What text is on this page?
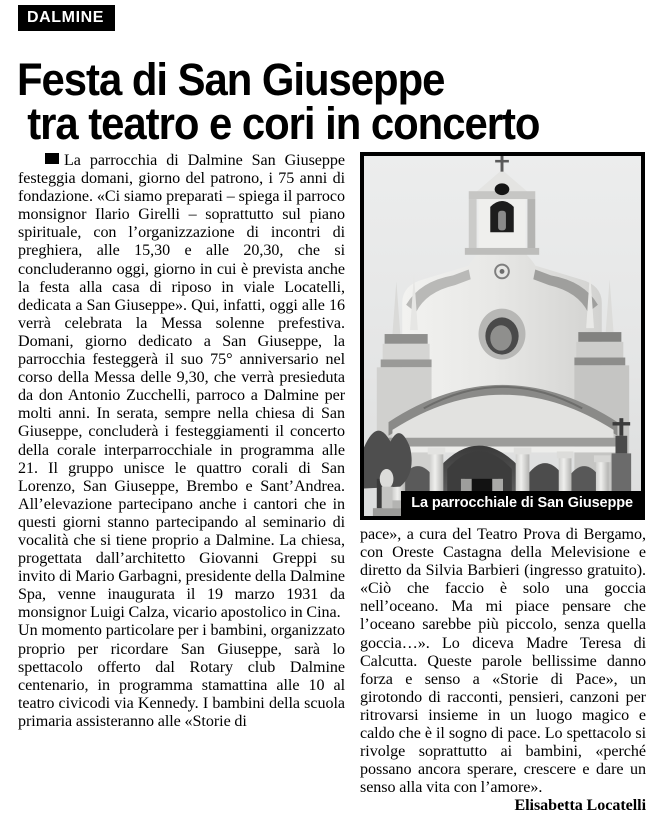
DALMINE
Festa di San Giuseppe
tra teatro e cori in concerto
La parrocchiale di San Giuseppe

La parrocchia di Dalmine San Giuseppe festeggia domani, giorno del patrono, i 75 anni di fondazione. «Ci siamo preparati – spiega il parroco monsignor Ilario Girelli – soprattutto sul piano spirituale, con l’organizzazione di incontri di preghiera, alle 15,30 e alle 20,30, che si concluderanno oggi, giorno in cui è prevista anche la festa alla casa di riposo in viale Locatelli, dedicata a San Giuseppe». Qui, infatti, oggi alle 16 verrà celebrata la Messa solenne prefestiva. Domani, giorno dedicato a San Giuseppe, la parrocchia festeggerà il suo 75° anniversario nel corso della Messa delle 9,30, che verrà presieduta da don Antonio Zucchelli, parroco a Dalmine per molti anni. In serata, sempre nella chiesa di San Giuseppe, concluderà i festeggiamenti il concerto della corale interparrocchiale in programma alle 21. Il gruppo unisce le quattro corali di San Lorenzo, San Giuseppe, Brembo e Sant’Andrea. All’elevazione partecipano anche i cantori che in questi giorni stanno partecipando al seminario di vocalità che si tiene proprio a Dalmine. La chiesa, progettata dall’architetto Giovanni Greppi su invito di Mario Garbagni, presidente della Dalmine Spa, venne inaugurata il 19 marzo 1931 da monsignor Luigi Calza, vicario apostolico in Cina.

Un momento particolare per i bambini, organizzato proprio per ricordare San Giuseppe, sarà lo spettacolo offerto dal Rotary club Dalmine centenario, in programma stamattina alle 10 al teatro civicodi via Kennedy. I bambini della scuola primaria assisteranno alle «Storie di

pace», a cura del Teatro Prova di Bergamo, con Oreste Castagna della Melevisione e diretto da Silvia Barbieri (ingresso gratuito). «Ciò che faccio è solo una goccia nell’oceano. Ma mi piace pensare che l’oceano sarebbe più piccolo, senza quella goccia…». Lo diceva Madre Teresa di Calcutta. Queste parole bellissime danno forza e senso a «Storie di Pace», un girotondo di racconti, pensieri, canzoni per ritrovarsi insieme in un luogo magico e caldo che è il sogno di pace. Lo spettacolo si rivolge soprattutto ai bambini, «perché possano ancora sperare, crescere e dare un senso alla vita con l’amore».

Elisabetta Locatelli
